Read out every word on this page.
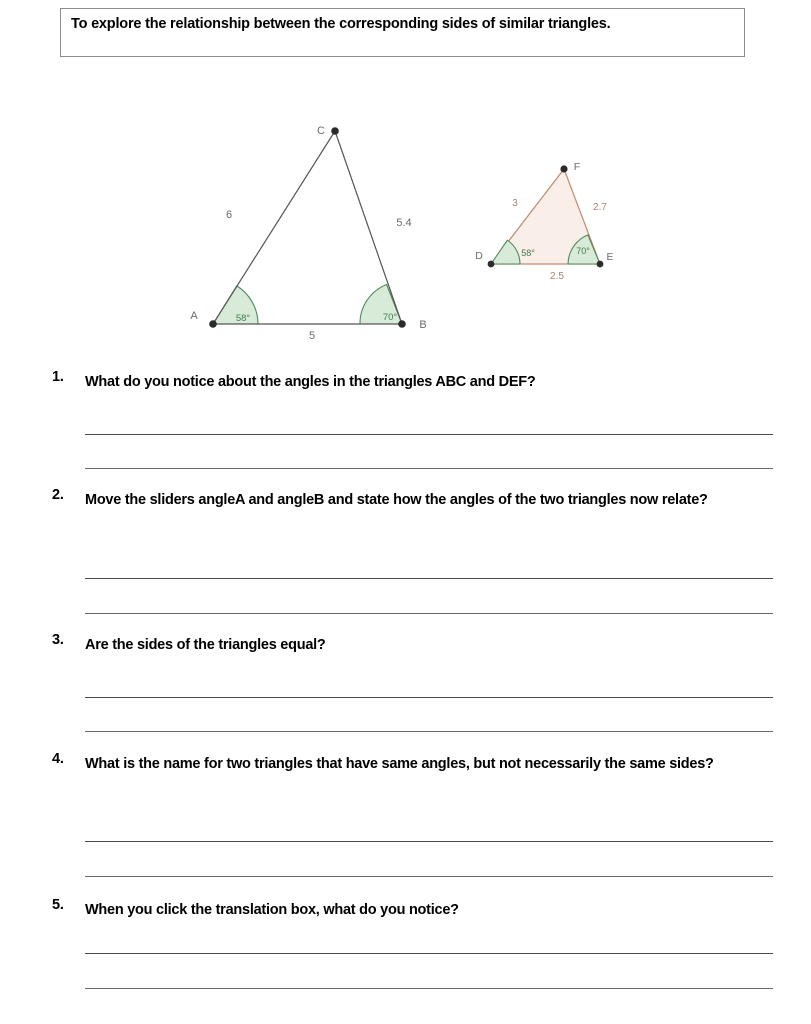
To explore the relationship between the corresponding sides of similar triangles.
D	E
F
3	2.7
2.5
58°	70°
A
B
C
6
5.4
5
58°	70°
1.	What do you notice about the angles in the triangles ABC and DEF?
2.	Move the sliders angleA and angleB and state how the angles of the two triangles now relate?
3.	Are the sides of the triangles equal?
4.	What is the name for two triangles that have same angles, but not necessarily the same sides?
5.	When you click the translation box, what do you notice?
